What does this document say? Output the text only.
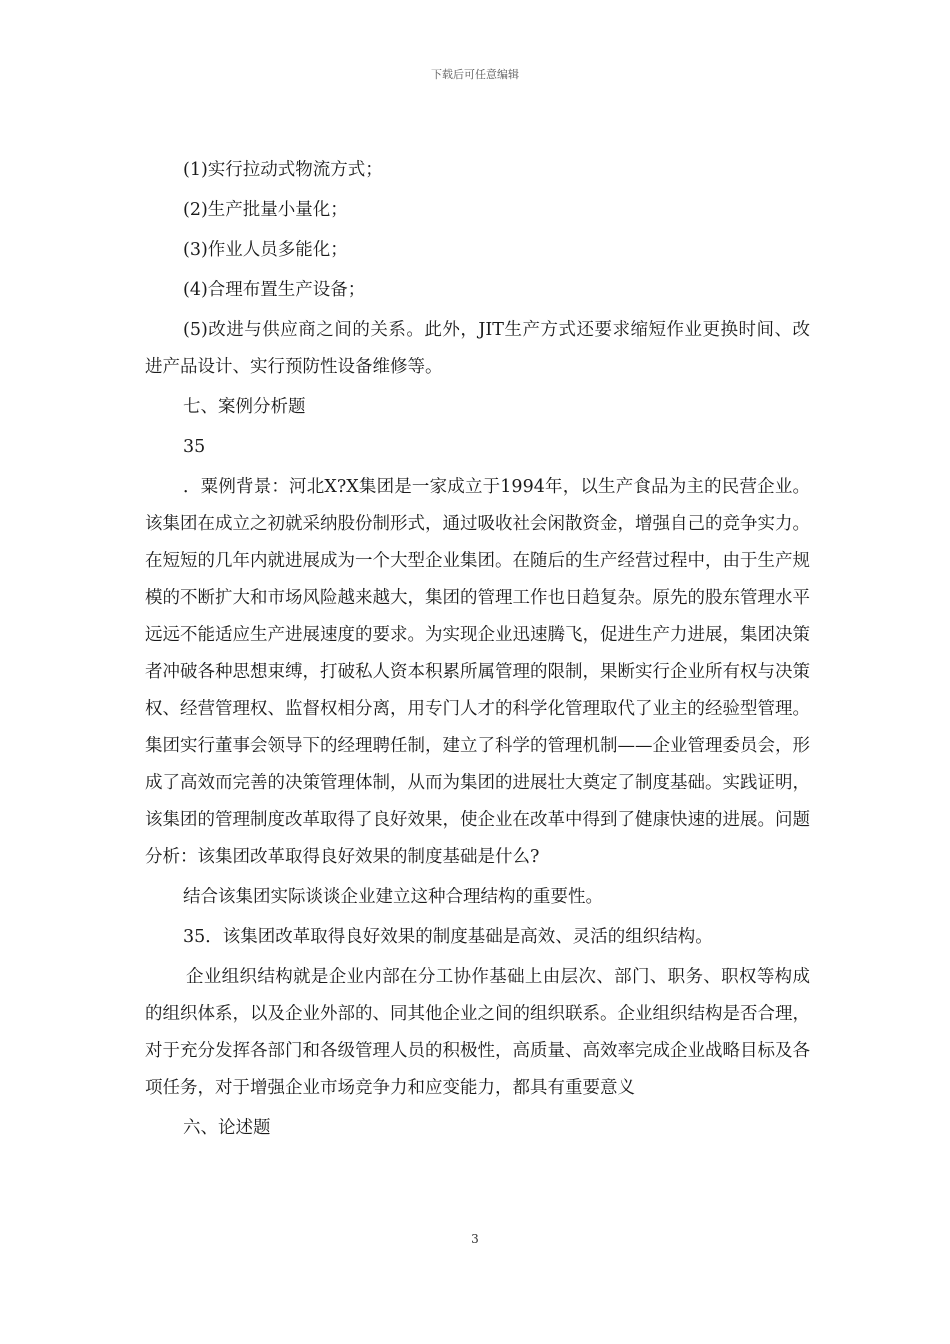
下载后可任意编辑

(1)实行拉动式物流方式；

(2)生产批量小量化；

(3)作业人员多能化；

(4)合理布置生产设备；

(5)改进与供应商之间的关系。此外，JIT生产方式还要求缩短作业更换时间、改进产品设计、实行预防性设备维修等。

七、案例分析题

35

．粟例背景：河北X?X集团是一家成立于1994年，以生产食品为主的民营企业。该集团在成立之初就采纳股份制形式，通过吸收社会闲散资金，增强自己的竞争实力。在短短的几年内就进展成为一个大型企业集团。在随后的生产经营过程中，由于生产规模的不断扩大和市场风险越来越大，集团的管理工作也日趋复杂。原先的股东管理水平远远不能适应生产进展速度的要求。为实现企业迅速腾飞，促进生产力进展，集团决策者冲破各种思想束缚，打破私人资本积累所属管理的限制，果断实行企业所有权与决策权、经营管理权、监督权相分离，用专门人才的科学化管理取代了业主的经验型管理。集团实行董事会领导下的经理聘任制，建立了科学的管理机制——企业管理委员会，形成了高效而完善的决策管理体制，从而为集团的进展壮大奠定了制度基础。实践证明，该集团的管理制度改革取得了良好效果，使企业在改革中得到了健康快速的进展。问题分析：该集团改革取得良好效果的制度基础是什么?

结合该集团实际谈谈企业建立这种合理结构的重要性。

35．该集团改革取得良好效果的制度基础是高效、灵活的组织结构。

企业组织结构就是企业内部在分工协作基础上由层次、部门、职务、职权等构成的组织体系，以及企业外部的、同其他企业之间的组织联系。企业组织结构是否合理，对于充分发挥各部门和各级管理人员的积极性，高质量、高效率完成企业战略目标及各项任务，对于增强企业市场竞争力和应变能力，都具有重要意义

六、论述题

3
